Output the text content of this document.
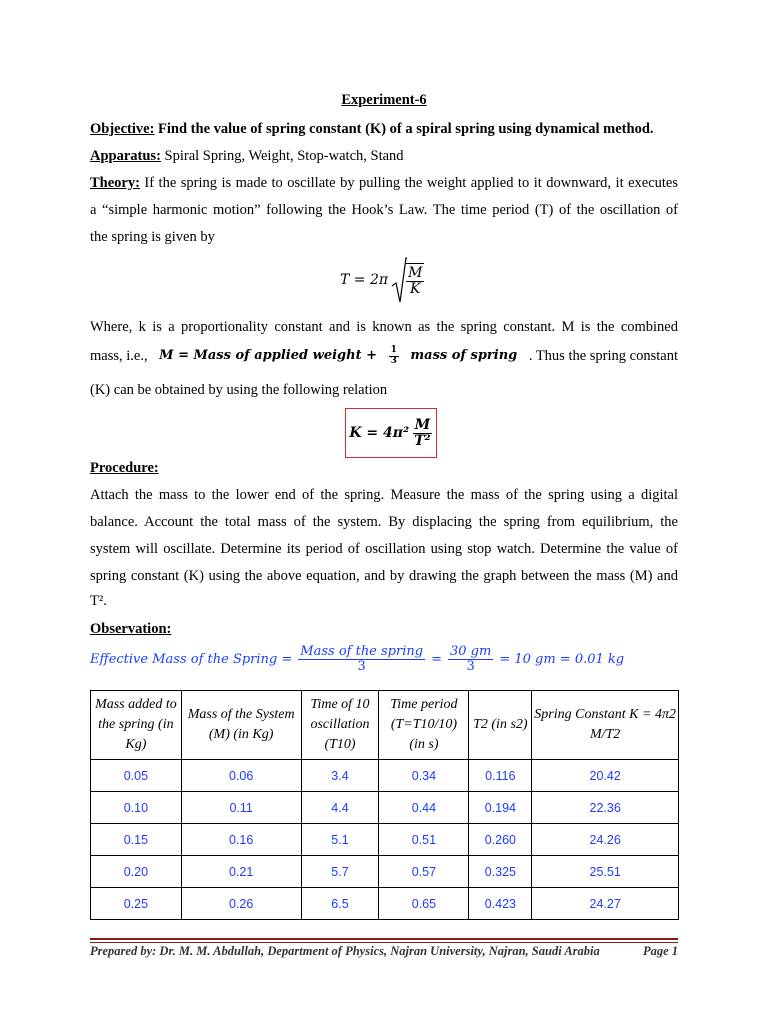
Experiment-6
Objective: Find the value of spring constant (K) of a spiral spring using dynamical method.
Apparatus: Spiral Spring, Weight, Stop-watch, Stand
Theory: If the spring is made to oscillate by pulling the weight applied to it downward, it executes
a “simple harmonic motion” following the Hook’s Law. The time period (T) of the oscillation of
the spring is given by
$T = 2\pi \frac{M}{K}$
Where, k is a proportionality constant and is known as the spring constant. M is the combined
mass, i.e., M = Mass of applied weight + $\frac{1}{3}$ mass of spring . Thus the spring constant
(K) can be obtained by using the following relation
$K = 4\pi^2 \frac{M}{\text{T²}}$
Procedure:
Attach the mass to the lower end of the spring. Measure the mass of the spring using a digital
balance. Account the total mass of the system. By displacing the spring from equilibrium, the
system will oscillate. Determine its period of oscillation using stop watch. Determine the value of
spring constant (K) using the above equation, and by drawing the graph between the mass (M) and
T².
Observation:
Effective Mass of the Spring = $\frac{\text{Mass of the spring}}{3} = \frac{30 gm}{3} = 10$ gm = 0.01 kg
Mass added to the spring (in Kg)	Mass of the System (M) (in Kg)	Time of 10 oscillation (T10)	Time period (T=T10/10) (in s)	T2 (in s2)	Spring Constant K = 4π2 M/T2
0.05	0.06	3.4	0.34	0.116	20.42
0.10	0.11	4.4	0.44	0.194	22.36
0.15	0.16	5.1	0.51	0.260	24.26
0.20	0.21	5.7	0.57	0.325	25.51
0.25	0.26	6.5	0.65	0.423	24.27
Prepared by: Dr. M. M. Abdullah, Department of Physics, Najran University, Najran, Saudi Arabia	Page 1
